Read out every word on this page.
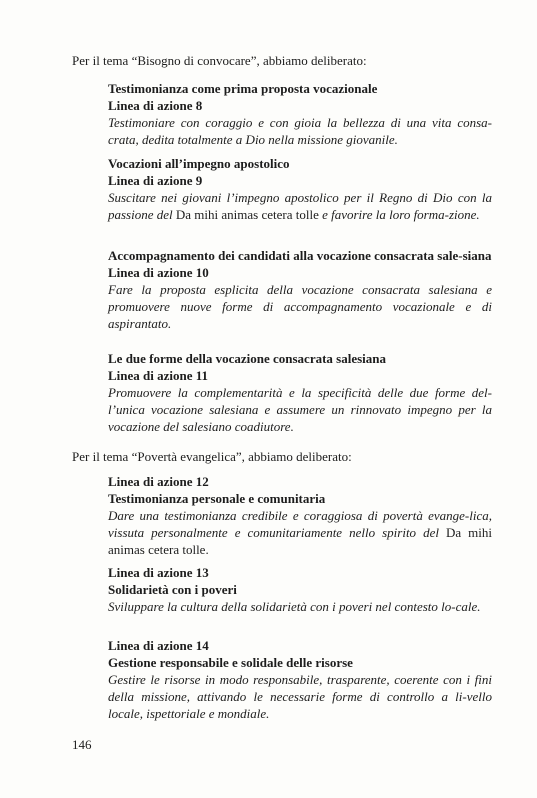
Per il tema “Bisogno di convocare”, abbiamo deliberato:

Testimonianza come prima proposta vocazionale

Linea di azione 8

Testimoniare con coraggio e con gioia la bellezza di una vita consa-crata, dedita totalmente a Dio nella missione giovanile.

Vocazioni all’impegno apostolico

Linea di azione 9

Suscitare nei giovani l’impegno apostolico per il Regno di Dio con la passione del Da mihi animas cetera tolle e favorire la loro forma-zione.

Accompagnamento dei candidati alla vocazione consacrata sale-siana

Linea di azione 10

Fare la proposta esplicita della vocazione consacrata salesiana e promuovere nuove forme di accompagnamento vocazionale e di aspirantato.

Le due forme della vocazione consacrata salesiana

Linea di azione 11

Promuovere la complementarità e la specificità delle due forme del-l’unica vocazione salesiana e assumere un rinnovato impegno per la vocazione del salesiano coadiutore.

Per il tema “Povertà evangelica”, abbiamo deliberato:

Linea di azione 12

Testimonianza personale e comunitaria

Dare una testimonianza credibile e coraggiosa di povertà evange-lica, vissuta personalmente e comunitariamente nello spirito del Da mihi animas cetera tolle.

Linea di azione 13

Solidarietà con i poveri

Sviluppare la cultura della solidarietà con i poveri nel contesto lo-cale.

Linea di azione 14

Gestione responsabile e solidale delle risorse

Gestire le risorse in modo responsabile, trasparente, coerente con i fini della missione, attivando le necessarie forme di controllo a li-vello locale, ispettoriale e mondiale.

146
